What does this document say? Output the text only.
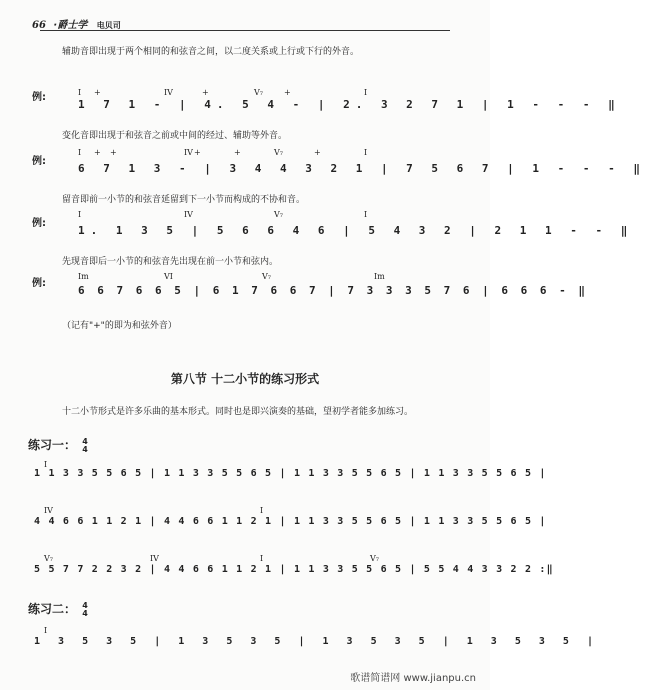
66 ·爵士学 电贝司
辅助音即出现于两个相同的和弦音之间，以二度关系或上行或下行的外音。
例:	I +	IV	+	V₇	+	I
1 7 1 - | 4. 5 4 - | 2. 3 2 7 1 | 1 - - - ‖
变化音即出现于和弦音之前或中间的经过、辅助等外音。
例:
I + +	IV +	+	V₇	+	I
6 7 1 3 - | 3 4 4 3 2 1 | 7 5 6 7 | 1 - - - ‖
留音即前一小节的和弦音延留到下一小节而构成的不协和音。
例:
I	IV	V₇	I
1. 1 3 5 | 5 6 6 4 6 | 5 4 3 2 | 2 1 1 - - ‖
先现音即后一小节的和弦音先出现在前一小节和弦内。
例:
Im	VI	V₇	Im
6 6 7 6 6 5 | 6 1 7 6 6 7 | 7 3 3 3 5 7 6 | 6 6 6 - ‖
（记有"+"的即为和弦外音）
第八节 十二小节的练习形式
十二小节形式是许多乐曲的基本形式。同时也是即兴演奏的基础，望初学者能多加练习。
练习一： 4
4
I
1 1 3 3 5 5 6 5 | 1 1 3 3 5 5 6 5 | 1 1 3 3 5 5 6 5 | 1 1 3 3 5 5 6 5 |
IV	I
4 4 6 6 1 1 2 1 | 4 4 6 6 1 1 2 1 | 1 1 3 3 5 5 6 5 | 1 1 3 3 5 5 6 5 |
V₇	IV	I	V₇
5 5 7 7 2 2 3 2 | 4 4 6 6 1 1 2 1 | 1 1 3 3 5 5 6 5 | 5 5 4 4 3 3 2 2 :‖
练习二： 4
4
I
1 3 5 3 5 | 1 3 5 3 5 | 1 3 5 3 5 | 1 3 5 3 5 |
歌谱简谱网 www.jianpu.cn
